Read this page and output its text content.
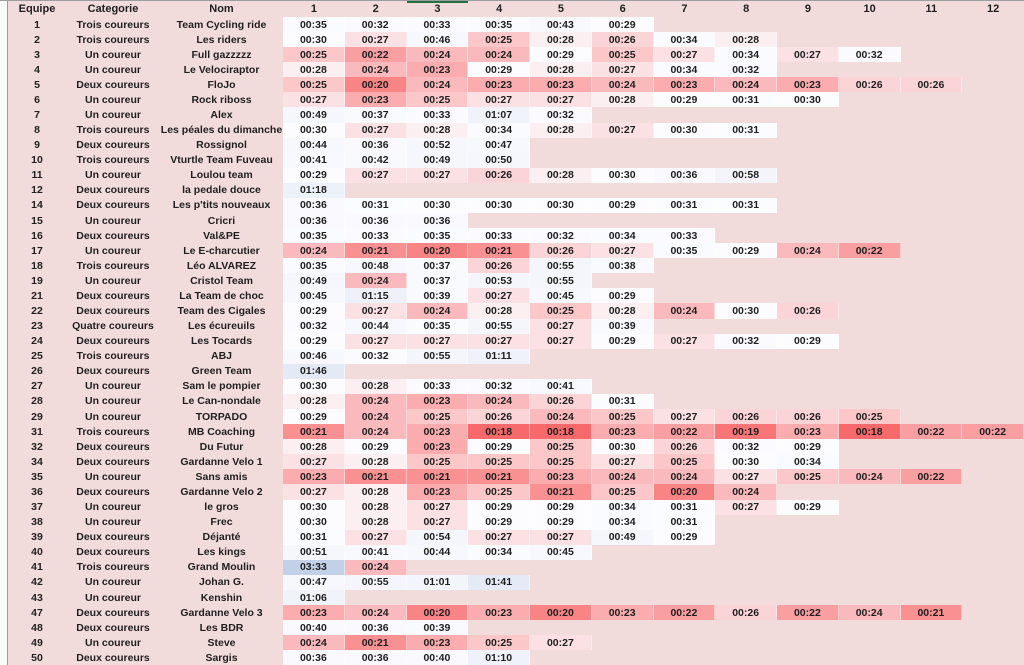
Equipe	Categorie	Nom	1	2	3	4	5	6	7	8	9	10	11	12
1	Trois coureurs	Team Cycling ride	00:35	00:32	00:33	00:35	00:43	00:29
2	Trois coureurs	Les riders	00:30	00:27	00:46	00:25	00:28	00:26	00:34	00:28
3	Un coureur	Full gazzzzz	00:25	00:22	00:24	00:24	00:29	00:25	00:27	00:34	00:27	00:32
4	Un coureur	Le Velociraptor	00:28	00:24	00:23	00:29	00:28	00:27	00:34	00:32
5	Deux coureurs	FloJo	00:25	00:20	00:24	00:23	00:23	00:24	00:23	00:24	00:23	00:26	00:26
6	Un coureur	Rock riboss	00:27	00:23	00:25	00:27	00:27	00:28	00:29	00:31	00:30
7	Un coureur	Alex	00:49	00:37	00:33	01:07	00:32
8	Trois coureurs	Les péales du dimanche	00:30	00:27	00:28	00:34	00:28	00:27	00:30	00:31
9	Deux coureurs	Rossignol	00:44	00:36	00:52	00:47
10	Trois coureurs	Vturtle Team Fuveau	00:41	00:42	00:49	00:50
11	Un coureur	Loulou team	00:29	00:27	00:27	00:26	00:28	00:30	00:36	00:58
12	Deux coureurs	la pedale douce	01:18
14	Deux coureurs	Les p'tits nouveaux	00:36	00:31	00:30	00:30	00:30	00:29	00:31	00:31
15	Un coureur	Cricri	00:36	00:36	00:36
16	Deux coureurs	Val&PE	00:35	00:33	00:35	00:33	00:32	00:34	00:33
17	Un coureur	Le E-charcutier	00:24	00:21	00:20	00:21	00:26	00:27	00:35	00:29	00:24	00:22
18	Trois coureurs	Léo ALVAREZ	00:35	00:48	00:37	00:26	00:55	00:38
19	Un coureur	Cristol Team	00:49	00:24	00:37	00:53	00:55
21	Deux coureurs	La Team de choc	00:45	01:15	00:39	00:27	00:45	00:29
22	Deux coureurs	Team des Cigales	00:29	00:27	00:24	00:28	00:25	00:28	00:24	00:30	00:26
23	Quatre coureurs	Les écureuils	00:32	00:44	00:35	00:55	00:27	00:39
24	Deux coureurs	Les Tocards	00:29	00:27	00:27	00:27	00:27	00:29	00:27	00:32	00:29
25	Trois coureurs	ABJ	00:46	00:32	00:55	01:11
26	Deux coureurs	Green Team	01:46
27	Un coureur	Sam le pompier	00:30	00:28	00:33	00:32	00:41
28	Un coureur	Le Can-nondale	00:28	00:24	00:23	00:24	00:26	00:31
29	Un coureur	TORPADO	00:29	00:24	00:25	00:26	00:24	00:25	00:27	00:26	00:26	00:25
31	Trois coureurs	MB Coaching	00:21	00:24	00:23	00:18	00:18	00:23	00:22	00:19	00:23	00:18	00:22	00:22
32	Deux coureurs	Du Futur	00:28	00:29	00:23	00:29	00:25	00:30	00:26	00:32	00:29
34	Deux coureurs	Gardanne Velo 1	00:27	00:28	00:25	00:25	00:25	00:27	00:25	00:30	00:34
35	Un coureur	Sans amis	00:23	00:21	00:21	00:21	00:23	00:24	00:24	00:27	00:25	00:24	00:22
36	Deux coureurs	Gardanne Velo 2	00:27	00:28	00:23	00:25	00:21	00:25	00:20	00:24
37	Un coureur	le gros	00:30	00:28	00:27	00:29	00:29	00:34	00:31	00:27	00:29
38	Un coureur	Frec	00:30	00:28	00:27	00:29	00:29	00:34	00:31
39	Deux coureurs	Déjanté	00:31	00:27	00:54	00:27	00:27	00:49	00:29
40	Deux coureurs	Les kings	00:51	00:41	00:44	00:34	00:45
41	Trois coureurs	Grand Moulin	03:33	00:24
42	Un coureur	Johan G.	00:47	00:55	01:01	01:41
43	Un coureur	Kenshin	01:06
47	Deux coureurs	Gardanne Velo 3	00:23	00:24	00:20	00:23	00:20	00:23	00:22	00:26	00:22	00:24	00:21
48	Deux coureurs	Les BDR	00:40	00:36	00:39
49	Un coureur	Steve	00:24	00:21	00:23	00:25	00:27
50	Deux coureurs	Sargis	00:36	00:36	00:40	01:10
